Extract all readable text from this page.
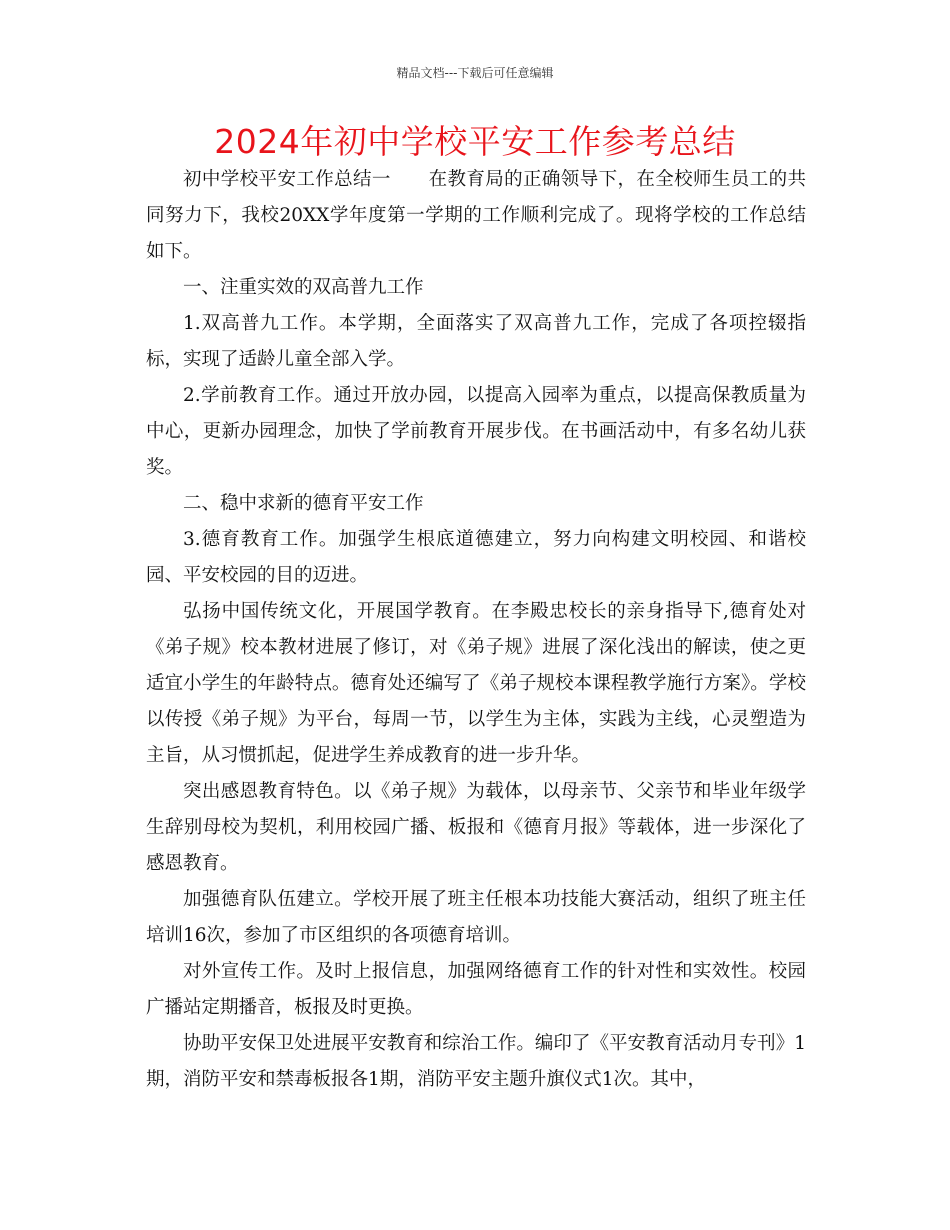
精品文档---下载后可任意编辑
2024年初中学校平安工作参考总结

初中学校平安工作总结一　　在教育局的正确领导下，在全校师生员工的共同努力下，我校20XX学年度第一学期的工作顺利完成了。现将学校的工作总结如下。

一、注重实效的双高普九工作

1.双高普九工作。本学期，全面落实了双高普九工作，完成了各项控辍指标，实现了适龄儿童全部入学。

2.学前教育工作。通过开放办园，以提高入园率为重点，以提高保教质量为中心，更新办园理念，加快了学前教育开展步伐。在书画活动中，有多名幼儿获奖。

二、稳中求新的德育平安工作

3.德育教育工作。加强学生根底道德建立，努力向构建文明校园、和谐校园、平安校园的目的迈进。

弘扬中国传统文化，开展国学教育。在李殿忠校长的亲身指导下,德育处对《弟子规》校本教材进展了修订，对《弟子规》进展了深化浅出的解读，使之更适宜小学生的年龄特点。德育处还编写了《弟子规校本课程教学施行方案》。学校以传授《弟子规》为平台，每周一节，以学生为主体，实践为主线，心灵塑造为主旨，从习惯抓起，促进学生养成教育的进一步升华。

突出感恩教育特色。以《弟子规》为载体，以母亲节、父亲节和毕业年级学生辞别母校为契机，利用校园广播、板报和《德育月报》等载体，进一步深化了感恩教育。

加强德育队伍建立。学校开展了班主任根本功技能大赛活动，组织了班主任培训16次，参加了市区组织的各项德育培训。

对外宣传工作。及时上报信息，加强网络德育工作的针对性和实效性。校园广播站定期播音，板报及时更换。

协助平安保卫处进展平安教育和综治工作。编印了《平安教育活动月专刊》1期，消防平安和禁毒板报各1期，消防平安主题升旗仪式1次。其中，
